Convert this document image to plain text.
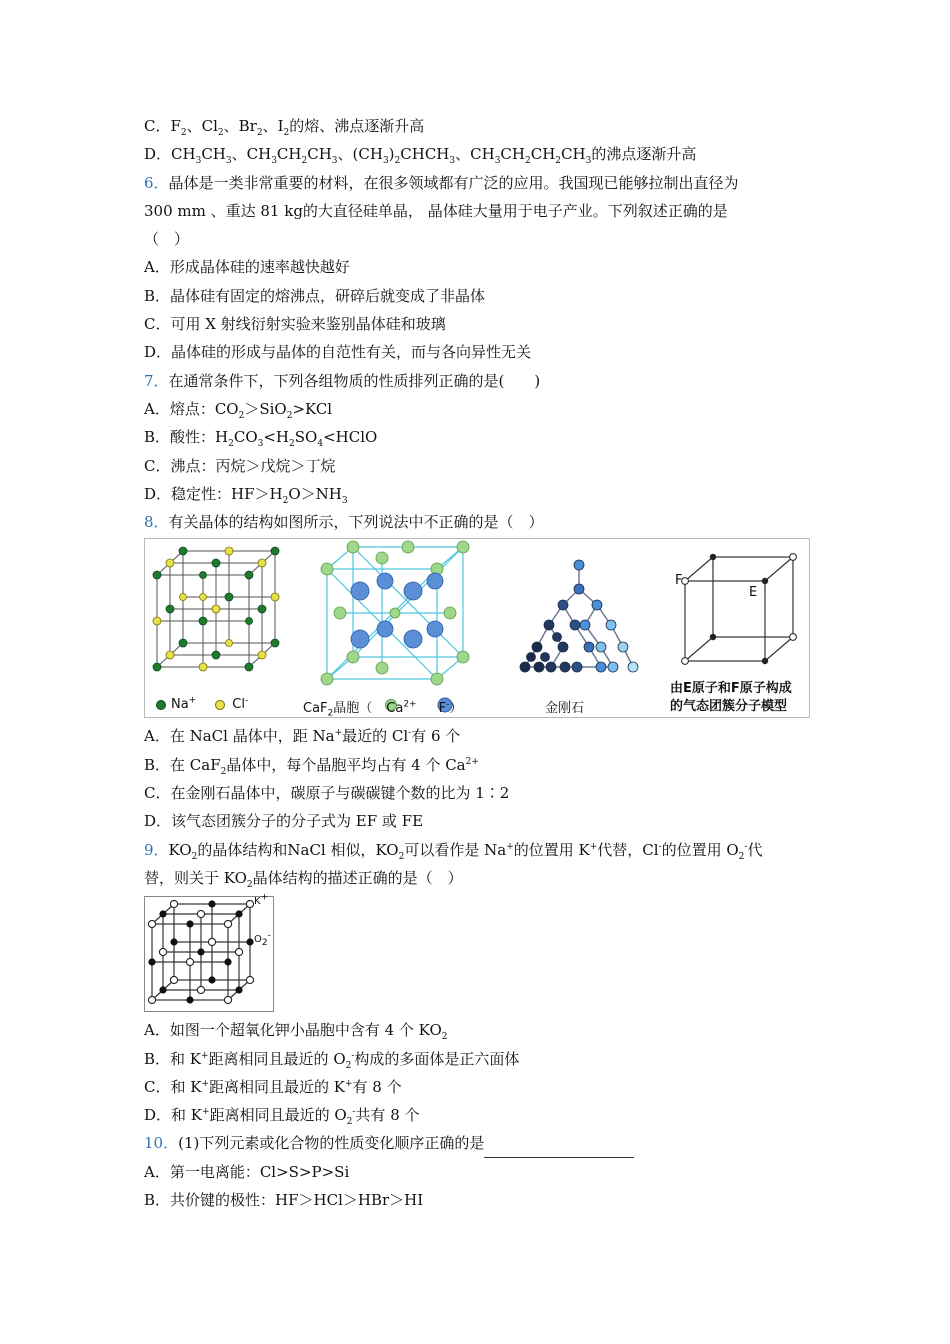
C．$F_2$、$Cl_2$、$Br_2$、$I_2$的熔、沸点逐渐升高
D．$CH_3CH_3$、$CH_3CH_2CH_3$、$(CH_3)_2CHCH_3$、$CH_3CH_2CH_2CH_3$的沸点逐渐升高
6．晶体是一类非常重要的材料，在很多领域都有广泛的应用。我国现已能够拉制出直径为
300 mm 、重达 81 kg的大直径硅单晶， 晶体硅大量用于电子产业。下列叙述正确的是
（　）
A．形成晶体硅的速率越快越好
B．晶体硅有固定的熔沸点，研碎后就变成了非晶体
C．可用 X 射线衍射实验来鉴别晶体硅和玻璃
D．晶体硅的形成与晶体的自范性有关，而与各向异性无关
7．在通常条件下，下列各组物质的性质排列正确的是(　　)
A．熔点：$CO_2>SiO_2>KCl$
B．酸性：$H_2CO_3<H_2SO_4<HClO$
C．沸点：丙烷＞戊烷＞丁烷
D．稳定性：$HF>H_2O>NH_3$
8．有关晶体的结构如图所示，下列说法中不正确的是（　）
Na+	Cl-
CaF$_2$晶胞（ $Ca^{2+}$ F-）	金刚石
F
E
由E原子和F原子构成
的气态团簇分子模型
A．在 NaCl 晶体中，距 Na+最近的 Cl-有 6 个
B．在 CaF$_2$晶体中，每个晶胞平均占有 4 个 $Ca^{2+}$
C．在金刚石晶体中，碳原子与碳碳键个数的比为 1∶2
D．该气态团簇分子的分子式为 EF 或 FE
9．$KO_2$的晶体结构和NaCl 相似，$KO_2$可以看作是 Na+的位置用 K+代替，Cl-的位置用 $O_2^-$代
替，则关于 $KO_2$晶体结构的描述正确的是（　）
K+
$O_2^-$
A．如图一个超氧化钾小晶胞中含有 4 个 $KO_2$
B．和 K+距离相同且最近的 $O_2^-$构成的多面体是正六面体
C．和 K+距离相同且最近的 K+有 8 个
D．和 K+距离相同且最近的 $O_2^-$共有 8 个
10．(1)下列元素或化合物的性质变化顺序正确的是
A．第一电离能：Cl>S>P>Si
B．共价键的极性：HF＞HCl＞HBr＞HI
